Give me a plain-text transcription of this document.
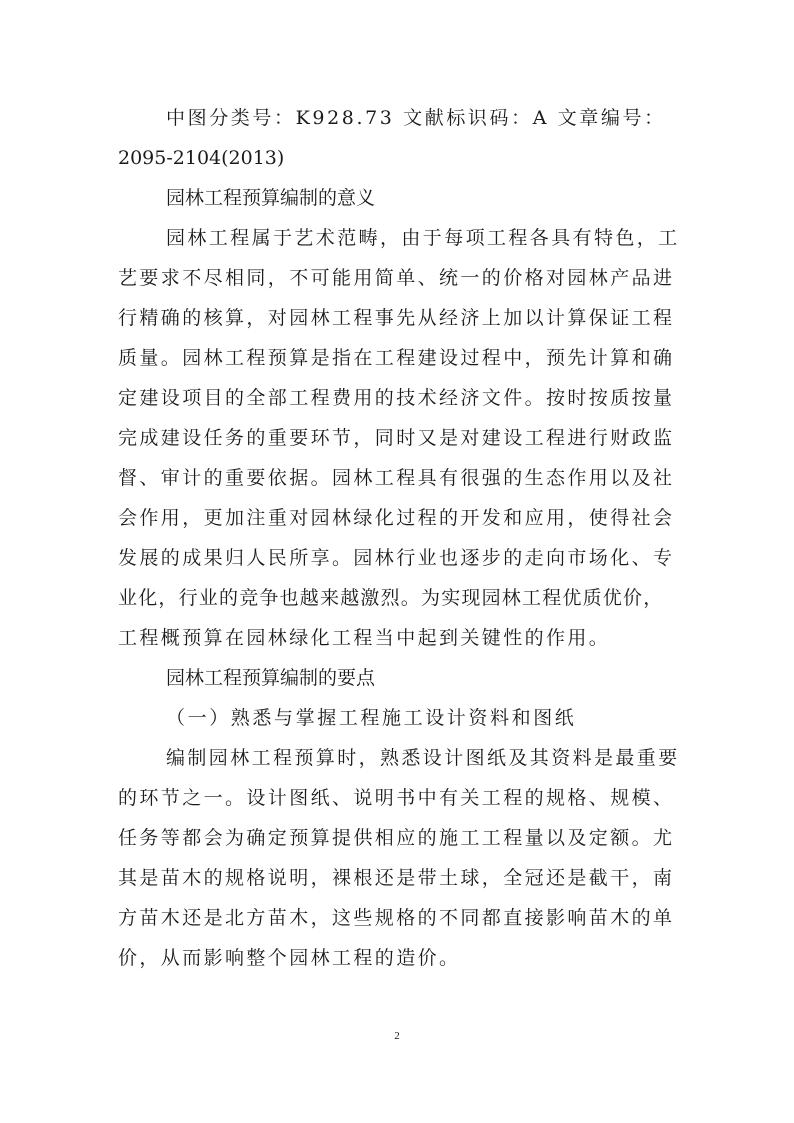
中图分类号：K928.73 文献标识码：A 文章编号：

2095-2104(2013)

园林工程预算编制的意义

园林工程属于艺术范畴，由于每项工程各具有特色，工

艺要求不尽相同，不可能用简单、统一的价格对园林产品进

行精确的核算，对园林工程事先从经济上加以计算保证工程

质量。园林工程预算是指在工程建设过程中，预先计算和确

定建设项目的全部工程费用的技术经济文件。按时按质按量

完成建设任务的重要环节，同时又是对建设工程进行财政监

督、审计的重要依据。园林工程具有很强的生态作用以及社

会作用，更加注重对园林绿化过程的开发和应用，使得社会

发展的成果归人民所享。园林行业也逐步的走向市场化、专

业化，行业的竞争也越来越激烈。为实现园林工程优质优价，

工程概预算在园林绿化工程当中起到关键性的作用。

园林工程预算编制的要点

（一）熟悉与掌握工程施工设计资料和图纸

编制园林工程预算时，熟悉设计图纸及其资料是最重要

的环节之一。设计图纸、说明书中有关工程的规格、规模、

任务等都会为确定预算提供相应的施工工程量以及定额。尤

其是苗木的规格说明，裸根还是带土球，全冠还是截干，南

方苗木还是北方苗木，这些规格的不同都直接影响苗木的单

价，从而影响整个园林工程的造价。

2
